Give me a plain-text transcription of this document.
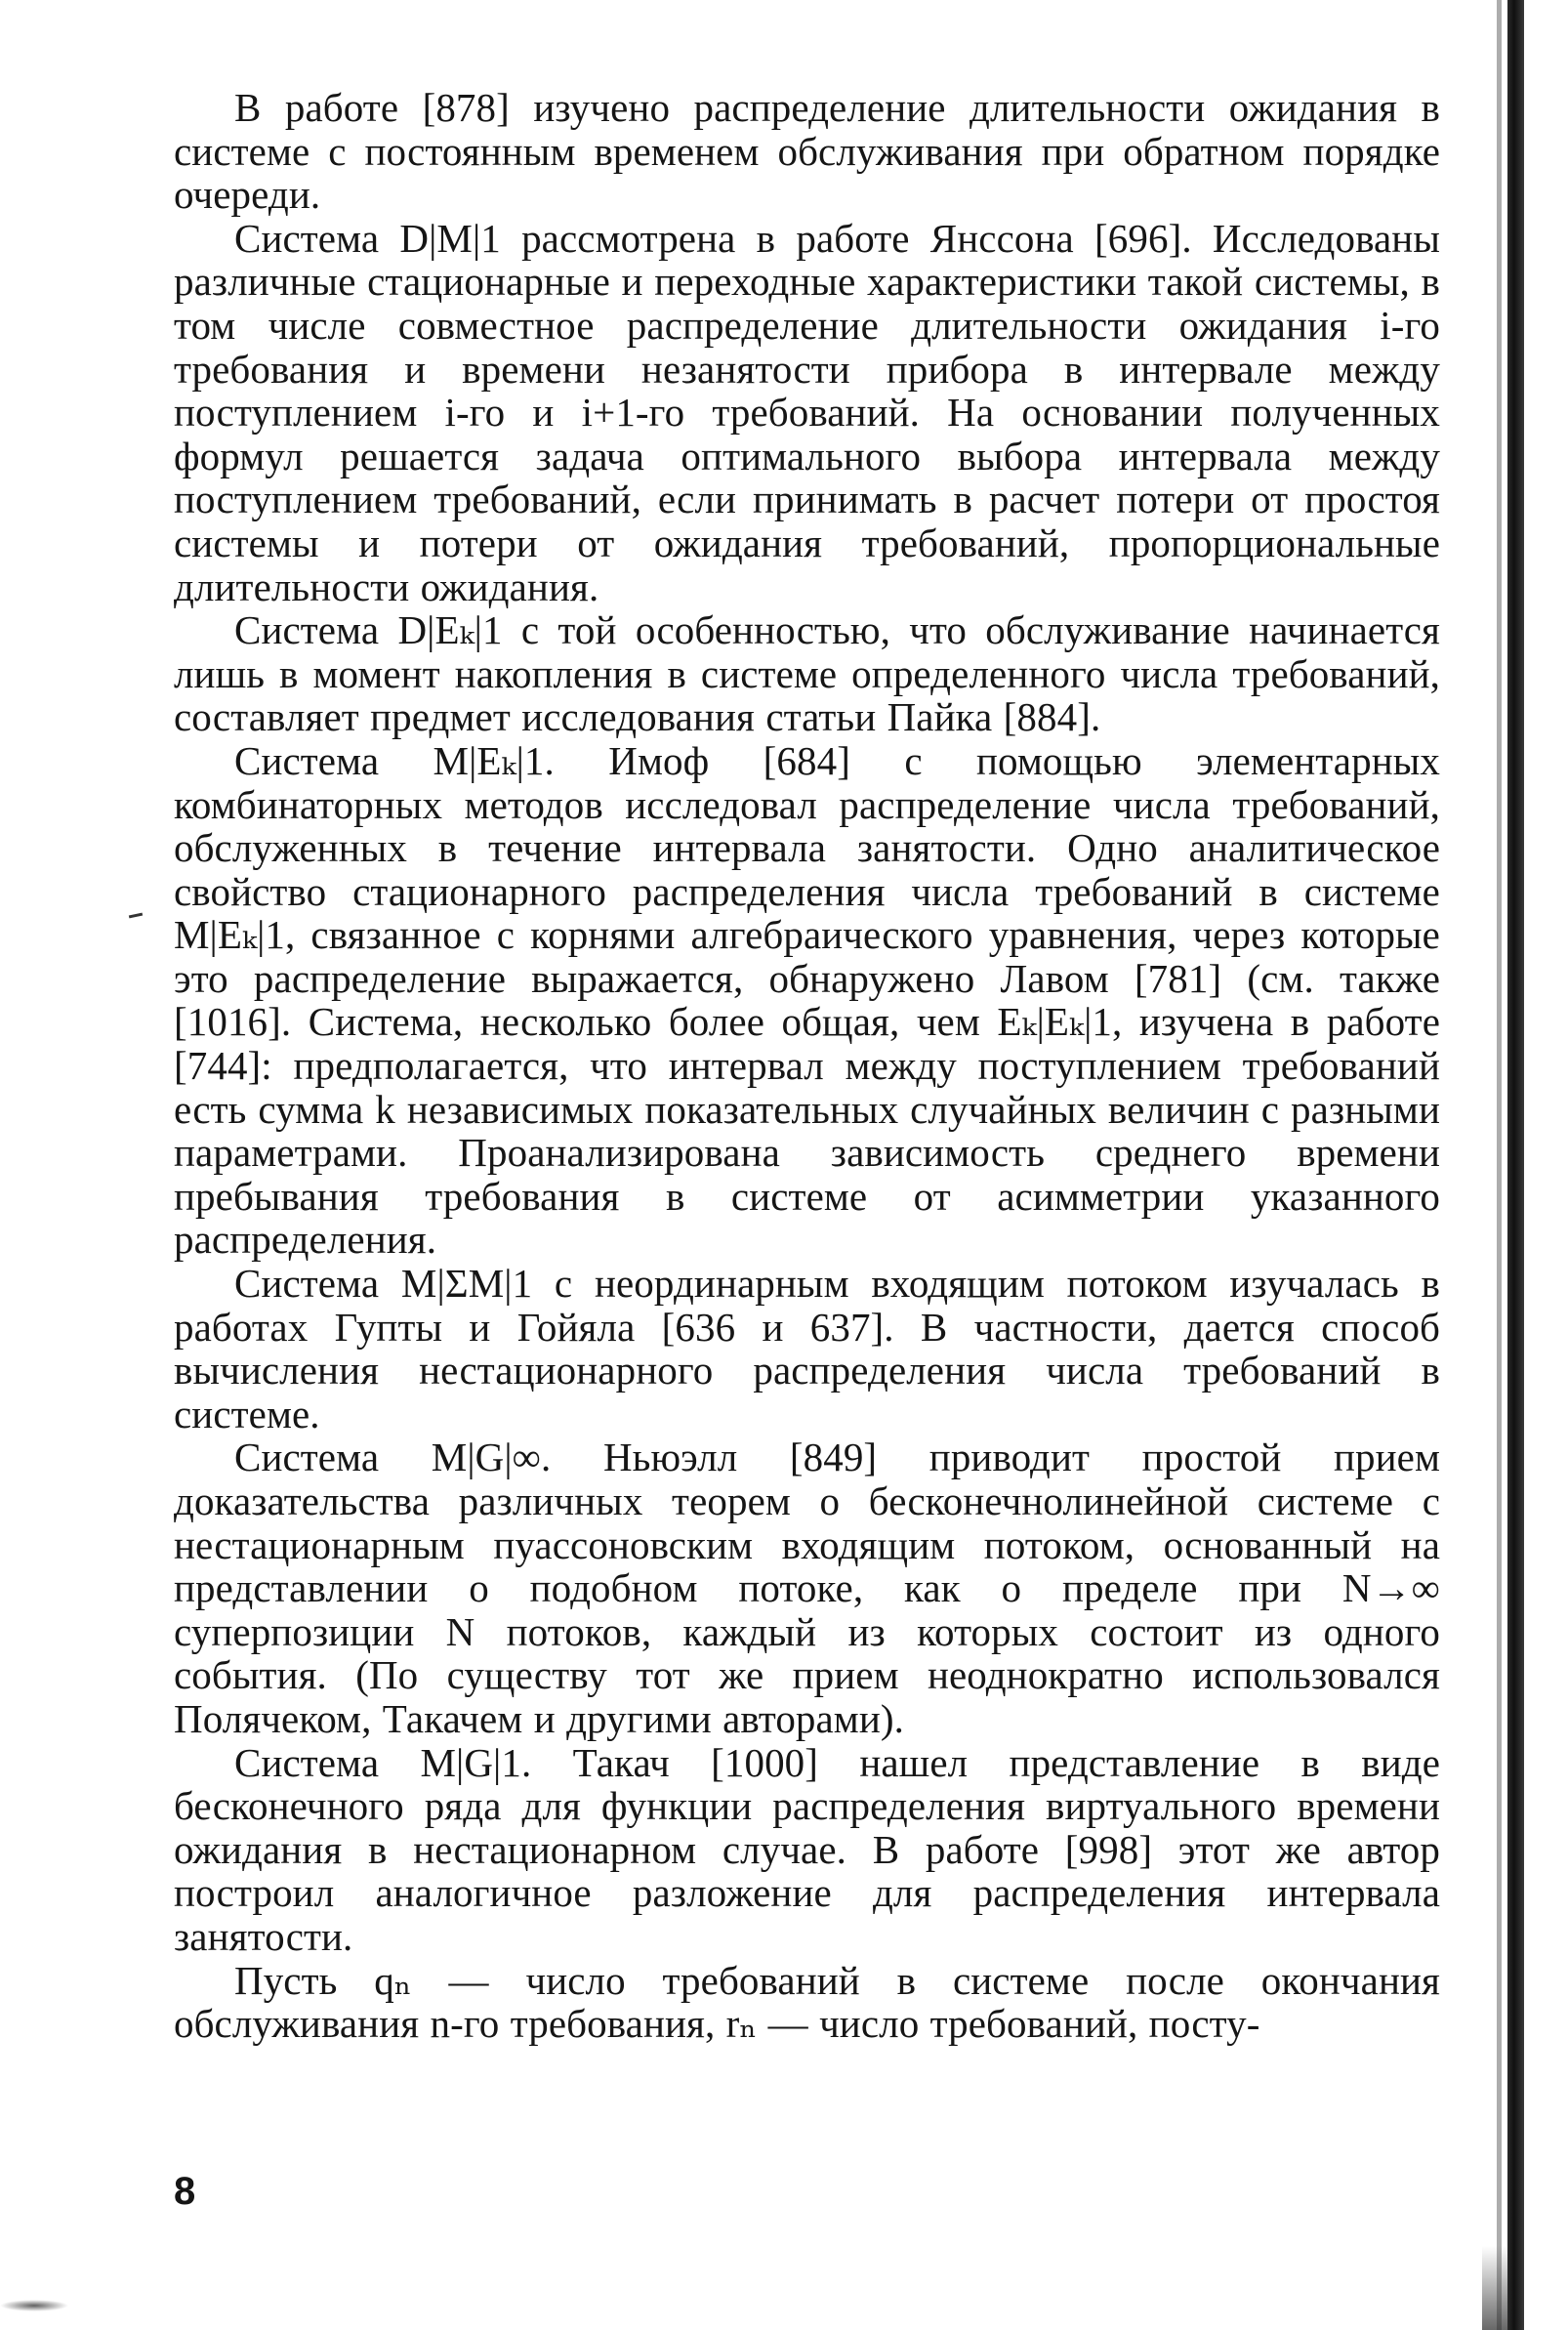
В работе [878] изучено распределение длительности ожидания в системе с постоянным временем обслуживания при обратном порядке очереди.

Система D|M|1 рассмотрена в работе Янссона [696]. Исследованы различные стационарные и переходные характеристики такой системы, в том числе совместное распределение длительности ожидания i-го требования и времени незанятости прибора в интервале между поступлением i-го и i+1-го требований. На основании полученных формул решается задача оптимального выбора интервала между поступлением требований, если принимать в расчет потери от простоя системы и потери от ожидания требований, пропорциональные длительности ожидания.

Система D|Eₖ|1 с той особенностью, что обслуживание начинается лишь в момент накопления в системе определенного числа требований, составляет предмет исследования статьи Пайка [884].

Система M|Eₖ|1. Имоф [684] с помощью элементарных комбинаторных методов исследовал распределение числа требований, обслуженных в течение интервала занятости. Одно аналитическое свойство стационарного распределения числа требований в системе M|Eₖ|1, связанное с корнями алгебраического уравнения, через которые это распределение выражается, обнаружено Лавом [781] (см. также [1016]. Система, несколько более общая, чем Eₖ|Eₖ|1, изучена в работе [744]: предполагается, что интервал между поступлением требований есть сумма k независимых показательных случайных величин с разными параметрами. Проанализирована зависимость среднего времени пребывания требования в системе от асимметрии указанного распределения.

Система M|ΣM|1 с неординарным входящим потоком изучалась в работах Гупты и Гойяла [636 и 637]. В частности, дается способ вычисления нестационарного распределения числа требований в системе.

Система M|G|∞. Ньюэлл [849] приводит простой прием доказательства различных теорем о бесконечнолинейной системе с нестационарным пуассоновским входящим потоком, основанный на представлении о подобном потоке, как о пределе при N→∞ суперпозиции N потоков, каждый из которых состоит из одного события. (По существу тот же прием неоднократно использовался Полячеком, Такачем и другими авторами).

Система M|G|1. Такач [1000] нашел представление в виде бесконечного ряда для функции распределения виртуального времени ожидания в нестационарном случае. В работе [998] этот же автор построил аналогичное разложение для распределения интервала занятости.

Пусть qₙ — число требований в системе после окончания обслуживания n-го требования, rₙ — число требований, посту-

8
